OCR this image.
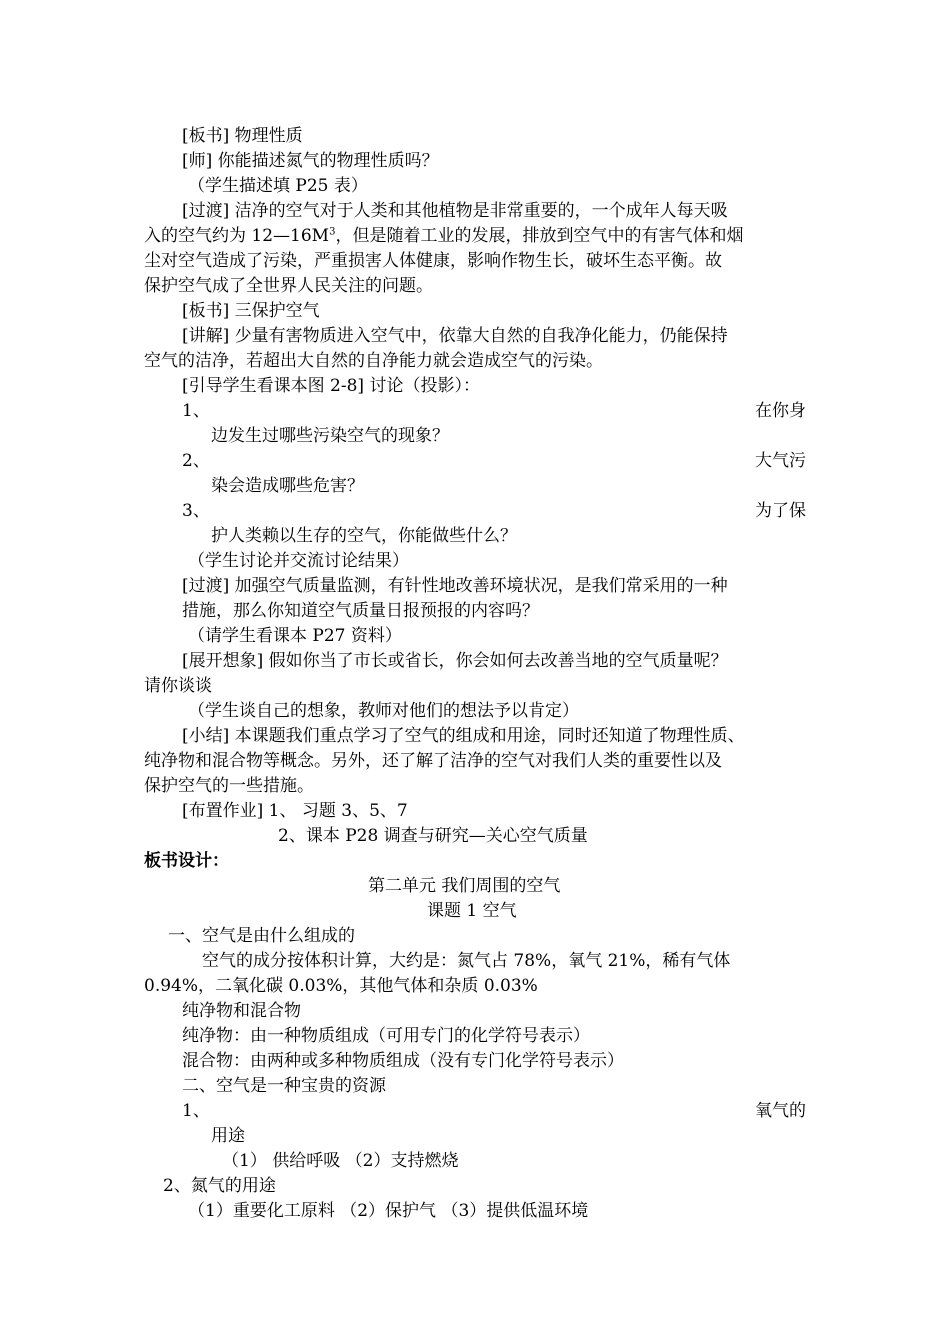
[板书] 物理性质
[师] 你能描述氮气的物理性质吗？
（学生描述填 P25 表）
[过渡] 洁净的空气对于人类和其他植物是非常重要的，一个成年人每天吸
入的空气约为 $12—16M^3$，但是随着工业的发展，排放到空气中的有害气体和烟
尘对空气造成了污染，严重损害人体健康，影响作物生长，破坏生态平衡。故
保护空气成了全世界人民关注的问题。
[板书] 三保护空气
[讲解] 少量有害物质进入空气中，依靠大自然的自我净化能力，仍能保持
空气的洁净，若超出大自然的自净能力就会造成空气的污染。
[引导学生看课本图 2-8] 讨论（投影）：
1、	在你身
边发生过哪些污染空气的现象？
2、	大气污
染会造成哪些危害？
3、	为了保
护人类赖以生存的空气，你能做些什么？
（学生讨论并交流讨论结果）
[过渡] 加强空气质量监测，有针性地改善环境状况，是我们常采用的一种
措施，那么你知道空气质量日报预报的内容吗？
（请学生看课本 P27 资料）
[展开想象] 假如你当了市长或省长，你会如何去改善当地的空气质量呢？
请你谈谈
（学生谈自己的想象，教师对他们的想法予以肯定）
[小结] 本课题我们重点学习了空气的组成和用途，同时还知道了物理性质、
纯净物和混合物等概念。另外，还了解了洁净的空气对我们人类的重要性以及
保护空气的一些措施。
[布置作业] 1、 习题 3、5、7
2、课本 P28 调查与研究—关心空气质量
板书设计：
第二单元 我们周围的空气
课题 1 空气
一、空气是由什么组成的
空气的成分按体积计算，大约是：氮气占 78%，氧气 21%，稀有气体
0.94%，二氧化碳 0.03%，其他气体和杂质 0.03%
纯净物和混合物
纯净物：由一种物质组成（可用专门的化学符号表示）
混合物：由两种或多种物质组成（没有专门化学符号表示）
二、空气是一种宝贵的资源
1、	氧气的
用途
（1） 供给呼吸 （2）支持燃烧
2、氮气的用途
（1）重要化工原料 （2）保护气 （3）提供低温环境
